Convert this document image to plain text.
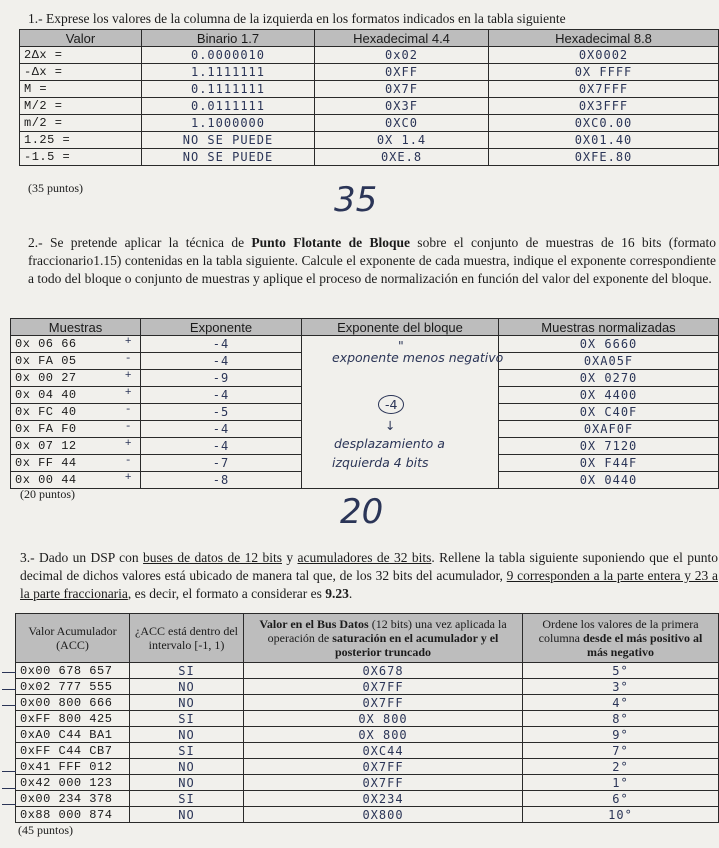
1.- Exprese los valores de la columna de la izquierda en los formatos indicados en la tabla siguiente
Valor	Binario 1.7	Hexadecimal 4.4	Hexadecimal 8.8
2Δx =	0.0000010	0x02	0X0002
-Δx =	1.1111111	0XFF	0X FFFF
M =	0.1111111	0X7F	0X7FFF
M/2 =	0.0111111	0X3F	0X3FFF
m/2 =	1.1000000	0XC0	0XC0.00
1.25 =	NO SE PUEDE	0X 1.4	0X01.40
-1.5 =	NO SE PUEDE	0XE.8	0XFE.80
(35 puntos)	35
2.- Se pretende aplicar la técnica de Punto Flotante de Bloque sobre el conjunto de muestras de 16 bits (formato fraccionario1.15) contenidas en la tabla siguiente. Calcule el exponente de cada muestra, indique el exponente correspondiente a todo del bloque o conjunto de muestras y aplique el proceso de normalización en función del valor del exponente del bloque.
Muestras	Exponente	Exponente del bloque	Muestras normalizadas
0x 06 66 +	-4		0X 6660
0x FA 05 -	-4		0XA05F
0x 00 27 +	-9		0X 0270
0x 04 40 +	-4		0X 4400
0x FC 40 -	-5		0X C40F
0x FA F0 -	-4		0XAF0F
0x 07 12 +	-4		0X 7120
0x FF 44 -	-7		0X F44F
0x 00 44 +	-8		0X 0440
"
exponente menos negativo
-4
↓
desplazamiento a
izquierda 4 bits
(20 puntos)	20
3.- Dado un DSP con buses de datos de 12 bits y acumuladores de 32 bits. Rellene la tabla siguiente suponiendo que el punto decimal de dichos valores está ubicado de manera tal que, de los 32 bits del acumulador, 9 corresponden a la parte entera y 23 a la parte fraccionaria, es decir, el formato a considerar es 9.23.
Valor Acumulador (ACC)	¿ACC está dentro del intervalo [-1, 1)	Valor en el Bus Datos (12 bits) una vez aplicada la operación de saturación en el acumulador y el posterior truncado	Ordene los valores de la primera columna desde el más positivo al más negativo
0x00 678 657	SI	0X678	5°
0x02 777 555	NO	0X7FF	3°
0x00 800 666	NO	0X7FF	4°
0xFF 800 425	SI	0X 800	8°
0xA0 C44 BA1	NO	0X 800	9°
0xFF C44 CB7	SI	0XC44	7°
0x41 FFF 012	NO	0X7FF	2°
0x42 000 123	NO	0X7FF	1°
0x00 234 378	SI	0X234	6°
0x88 000 874	NO	0X800	10°
(45 puntos)
